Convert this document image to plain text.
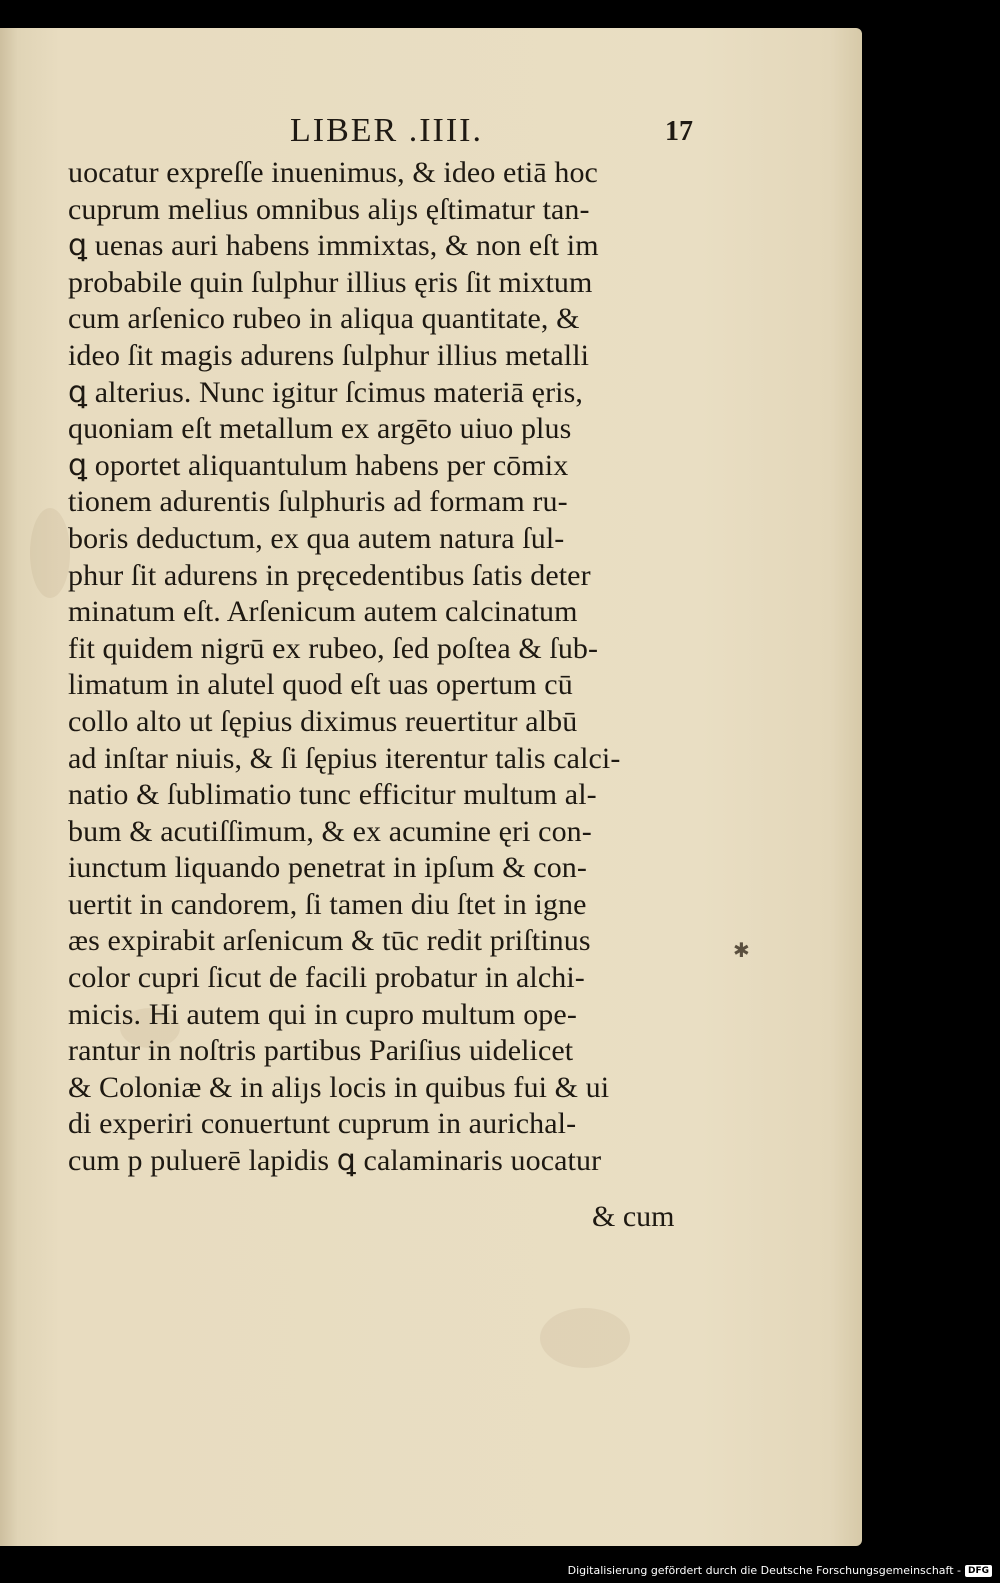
LIBER .IIII.	17
uocatur expreſſe inuenimus, & ideo etiā hoc
cuprum melius omnibus aliȷs ęſtimatur tan-
ꝗ uenas auri habens immixtas, & non eſt im
probabile quin ſulphur illius ęris ſit mixtum
cum arſenico rubeo in aliqua quantitate, &
ideo ſit magis adurens ſulphur illius metalli
ꝗ alterius. Nunc igitur ſcimus materiā ęris,
quoniam eſt metallum ex argēto uiuo plus
ꝗ oportet aliquantulum habens per cōmix
tionem adurentis ſulphuris ad formam ru-
boris deductum, ex qua autem natura ſul-
phur ſit adurens in pręcedentibus ſatis deter
minatum eſt. Arſenicum autem calcinatum
fit quidem nigrū ex rubeo, ſed poſtea & ſub-
limatum in alutel quod eſt uas opertum cū
collo alto ut ſępius diximus reuertitur albū
ad inſtar niuis, & ſi ſępius iterentur talis calci-
natio & ſublimatio tunc efficitur multum al-
bum & acutiſſimum, & ex acumine ęri con-
iunctum liquando penetrat in ipſum & con-
uertit in candorem, ſi tamen diu ſtet in igne
æs expirabit arſenicum & tūc redit priſtinus
color cupri ſicut de facili probatur in alchi-
micis. Hi autem qui in cupro multum ope-
rantur in noſtris partibus Pariſius uidelicet
& Coloniæ & in aliȷs locis in quibus fui & ui
di experiri conuertunt cuprum in aurichal-
cum p puluerē lapidis ꝗ calaminaris uocatur
& cum
✱
Digitalisierung gefördert durch die Deutsche Forschungsgemeinschaft - DFG
